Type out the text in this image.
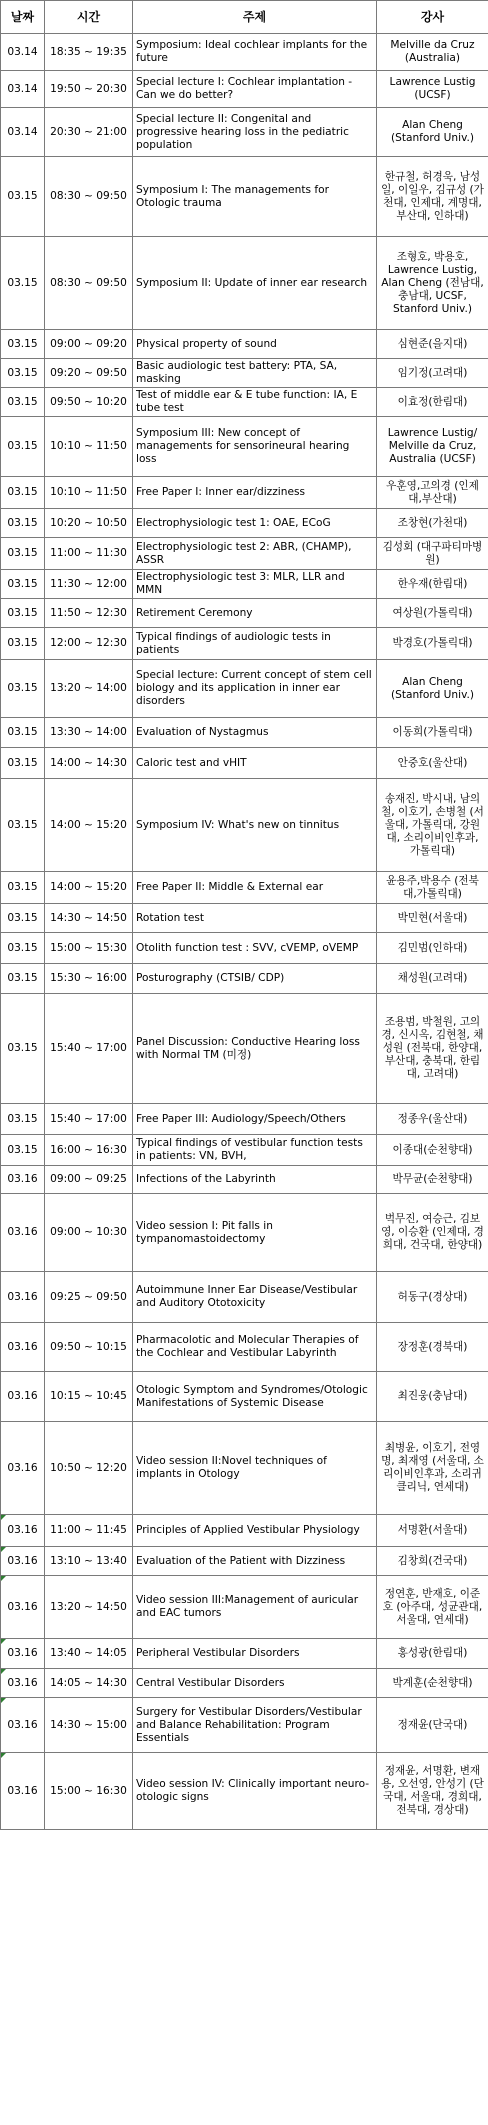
날짜	시간	주제	강사
03.14	18:35 ~ 19:35	Symposium: Ideal cochlear implants for the future	Melville da Cruz (Australia)
03.14	19:50 ~ 20:30	Special lecture I: Cochlear implantation - Can we do better?	Lawrence Lustig (UCSF)
03.14	20:30 ~ 21:00	Special lecture II: Congenital and progressive hearing loss in the pediatric population	Alan Cheng (Stanford Univ.)
03.15	08:30 ~ 09:50	Symposium I: The managements for Otologic trauma	한규철, 허경욱, 남성일, 이일우, 김규성 (가천대, 인제대, 계명대, 부산대, 인하대)
03.15	08:30 ~ 09:50	Symposium II: Update of inner ear research	조형호, 박용호, Lawrence Lustig, Alan Cheng (전남대, 충남대, UCSF, Stanford Univ.)
03.15	09:00 ~ 09:20	Physical property of sound	심현준(을지대)
03.15	09:20 ~ 09:50	Basic audiologic test battery: PTA, SA, masking	임기정(고려대)
03.15	09:50 ~ 10:20	Test of middle ear & E tube function: IA, E tube test	이효정(한림대)
03.15	10:10 ~ 11:50	Symposium III: New concept of managements for sensorineural hearing loss	Lawrence Lustig/ Melville da Cruz, Australia (UCSF)
03.15	10:10 ~ 11:50	Free Paper I: Inner ear/dizziness	우훈영,고의경 (인제대,부산대)
03.15	10:20 ~ 10:50	Electrophysiologic test 1: OAE, ECoG	조창현(가천대)
03.15	11:00 ~ 11:30	Electrophysiologic test 2: ABR, (CHAMP), ASSR	김성회 (대구파티마병원)
03.15	11:30 ~ 12:00	Electrophysiologic test 3: MLR, LLR and MMN	한우재(한림대)
03.15	11:50 ~ 12:30	Retirement Ceremony	여상원(가톨릭대)
03.15	12:00 ~ 12:30	Typical findings of audiologic tests in patients	박경호(가톨릭대)
03.15	13:20 ~ 14:00	Special lecture: Current concept of stem cell biology and its application in inner ear disorders	Alan Cheng (Stanford Univ.)
03.15	13:30 ~ 14:00	Evaluation of Nystagmus	이동희(가톨릭대)
03.15	14:00 ~ 14:30	Caloric test and vHIT	안중호(울산대)
03.15	14:00 ~ 15:20	Symposium IV: What's new on tinnitus	송재진, 박시내, 남의철, 이호기, 손병철 (서울대, 가톨릭대, 강원대, 소리이비인후과, 가톨릭대)
03.15	14:00 ~ 15:20	Free Paper II: Middle & External ear	윤용주,박용수 (전북대,가톨릭대)
03.15	14:30 ~ 14:50	Rotation test	박민현(서울대)
03.15	15:00 ~ 15:30	Otolith function test : SVV, cVEMP, oVEMP	김민범(인하대)
03.15	15:30 ~ 16:00	Posturography (CTSIB/ CDP)	채성원(고려대)
03.15	15:40 ~ 17:00	Panel Discussion: Conductive Hearing loss with Normal TM (미정)	조용범, 박철원, 고의경, 신시옥, 김현철, 채성원 (전북대, 한양대, 부산대, 충북대, 한림대, 고려대)
03.15	15:40 ~ 17:00	Free Paper III: Audiology/Speech/Others	정종우(울산대)
03.15	16:00 ~ 16:30	Typical findings of vestibular function tests in patients: VN, BVH,	이종대(순천향대)
03.16	09:00 ~ 09:25	Infections of the Labyrinth	박무균(순천향대)
03.16	09:00 ~ 10:30	Video session I: Pit falls in tympanomastoidectomy	벅무진, 여승근, 김보영, 이승환 (인제대, 경희대, 건국대, 한양대)
03.16	09:25 ~ 09:50	Autoimmune Inner Ear Disease/Vestibular and Auditory Ototoxicity	허동구(경상대)
03.16	09:50 ~ 10:15	Pharmacolotic and Molecular Therapies of the Cochlear and Vestibular Labyrinth	장정훈(경북대)
03.16	10:15 ~ 10:45	Otologic Symptom and Syndromes/Otologic Manifestations of Systemic Disease	최진웅(충남대)
03.16	10:50 ~ 12:20	Video session II:Novel techniques of implants in Otology	최병윤, 이호기, 전영명, 최재영 (서울대, 소리이비인후과, 소리귀클리닉, 연세대)

03.16	11:00 ~ 11:45	Principles of Applied Vestibular Physiology	서명환(서울대)

03.16	13:10 ~ 13:40	Evaluation of the Patient with Dizziness	김창희(건국대)

03.16	13:20 ~ 14:50	Video session III:Management of auricular and EAC tumors	정연훈, 반재호, 이준호 (아주대, 성균관대, 서울대, 연세대)

03.16	13:40 ~ 14:05	Peripheral Vestibular Disorders	홍성광(한림대)

03.16	14:05 ~ 14:30	Central Vestibular Disorders	박계훈(순천향대)

03.16	14:30 ~ 15:00	Surgery for Vestibular Disorders/Vestibular and Balance Rehabilitation: Program Essentials	정재윤(단국대)

03.16	15:00 ~ 16:30	Video session IV: Clinically important neuro-otologic signs	정재윤, 서명환, 변재용, 오선영, 안성기 (단국대, 서울대, 경희대, 전북대, 경상대)
